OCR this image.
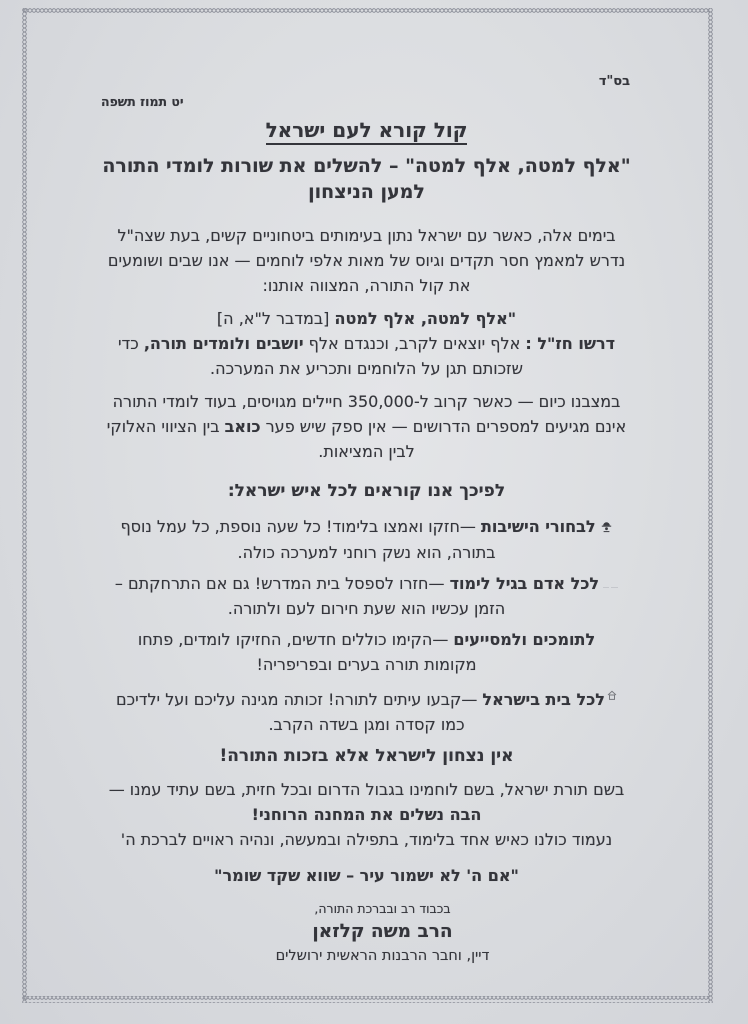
בס"ד
יט תמוז תשפה
קול קורא לעם ישראל
"אלף למטה, אלף למטה" – להשלים את שורות לומדי התורה
למען הניצחון
בימים אלה, כאשר עם ישראל נתון בעימותים ביטחוניים קשים, בעת שצה"ל
נדרש למאמץ חסר תקדים וגיוס של מאות אלפי לוחמים — אנו שבים ושומעים
את קול התורה, המצווה אותנו:
"אלף למטה, אלף למטה [במדבר ל"א, ה]
דרשו חז"ל : אלף יוצאים לקרב, וכנגדם אלף יושבים ולומדים תורה, כדי
שזכותם תגן על הלוחמים ותכריע את המערכה.
במצבנו כיום — כאשר קרוב ל-350,000 חיילים מגויסים, בעוד לומדי התורה
אינם מגיעים למספרים הדרושים — אין ספק שיש פער כואב בין הציווי האלוקי
לבין המציאות.
לפיכך אנו קוראים לכל איש ישראל:
לבחורי הישיבות —חזקו ואמצו בלימוד! כל שעה נוספת, כל עמל נוסף
בתורה, הוא נשק רוחני למערכה כולה.
לכל אדם בגיל לימוד —חזרו לספסל בית המדרש! גם אם התרחקתם –
הזמן עכשיו הוא שעת חירום לעם ולתורה.
לתומכים ולמסייעים —הקימו כוללים חדשים, החזיקו לומדים, פתחו
מקומות תורה בערים ובפריפריה!
לכל בית בישראל —קבעו עיתים לתורה! זכותה מגינה עליכם ועל ילדיכם
כמו קסדה ומגן בשדה הקרב.
אין נצחון לישראל אלא בזכות התורה!
בשם תורת ישראל, בשם לוחמינו בגבול הדרום ובכל חזית, בשם עתיד עמנו —
הבה נשלים את המחנה הרוחני!
נעמוד כולנו כאיש אחד בלימוד, בתפילה ובמעשה, ונהיה ראויים לברכת ה'
"אם ה' לא ישמור עיר – שווא שקד שומר"
בכבוד רב ובברכת התורה,
הרב משה קלזאן
דיין, וחבר הרבנות הראשית ירושלים
